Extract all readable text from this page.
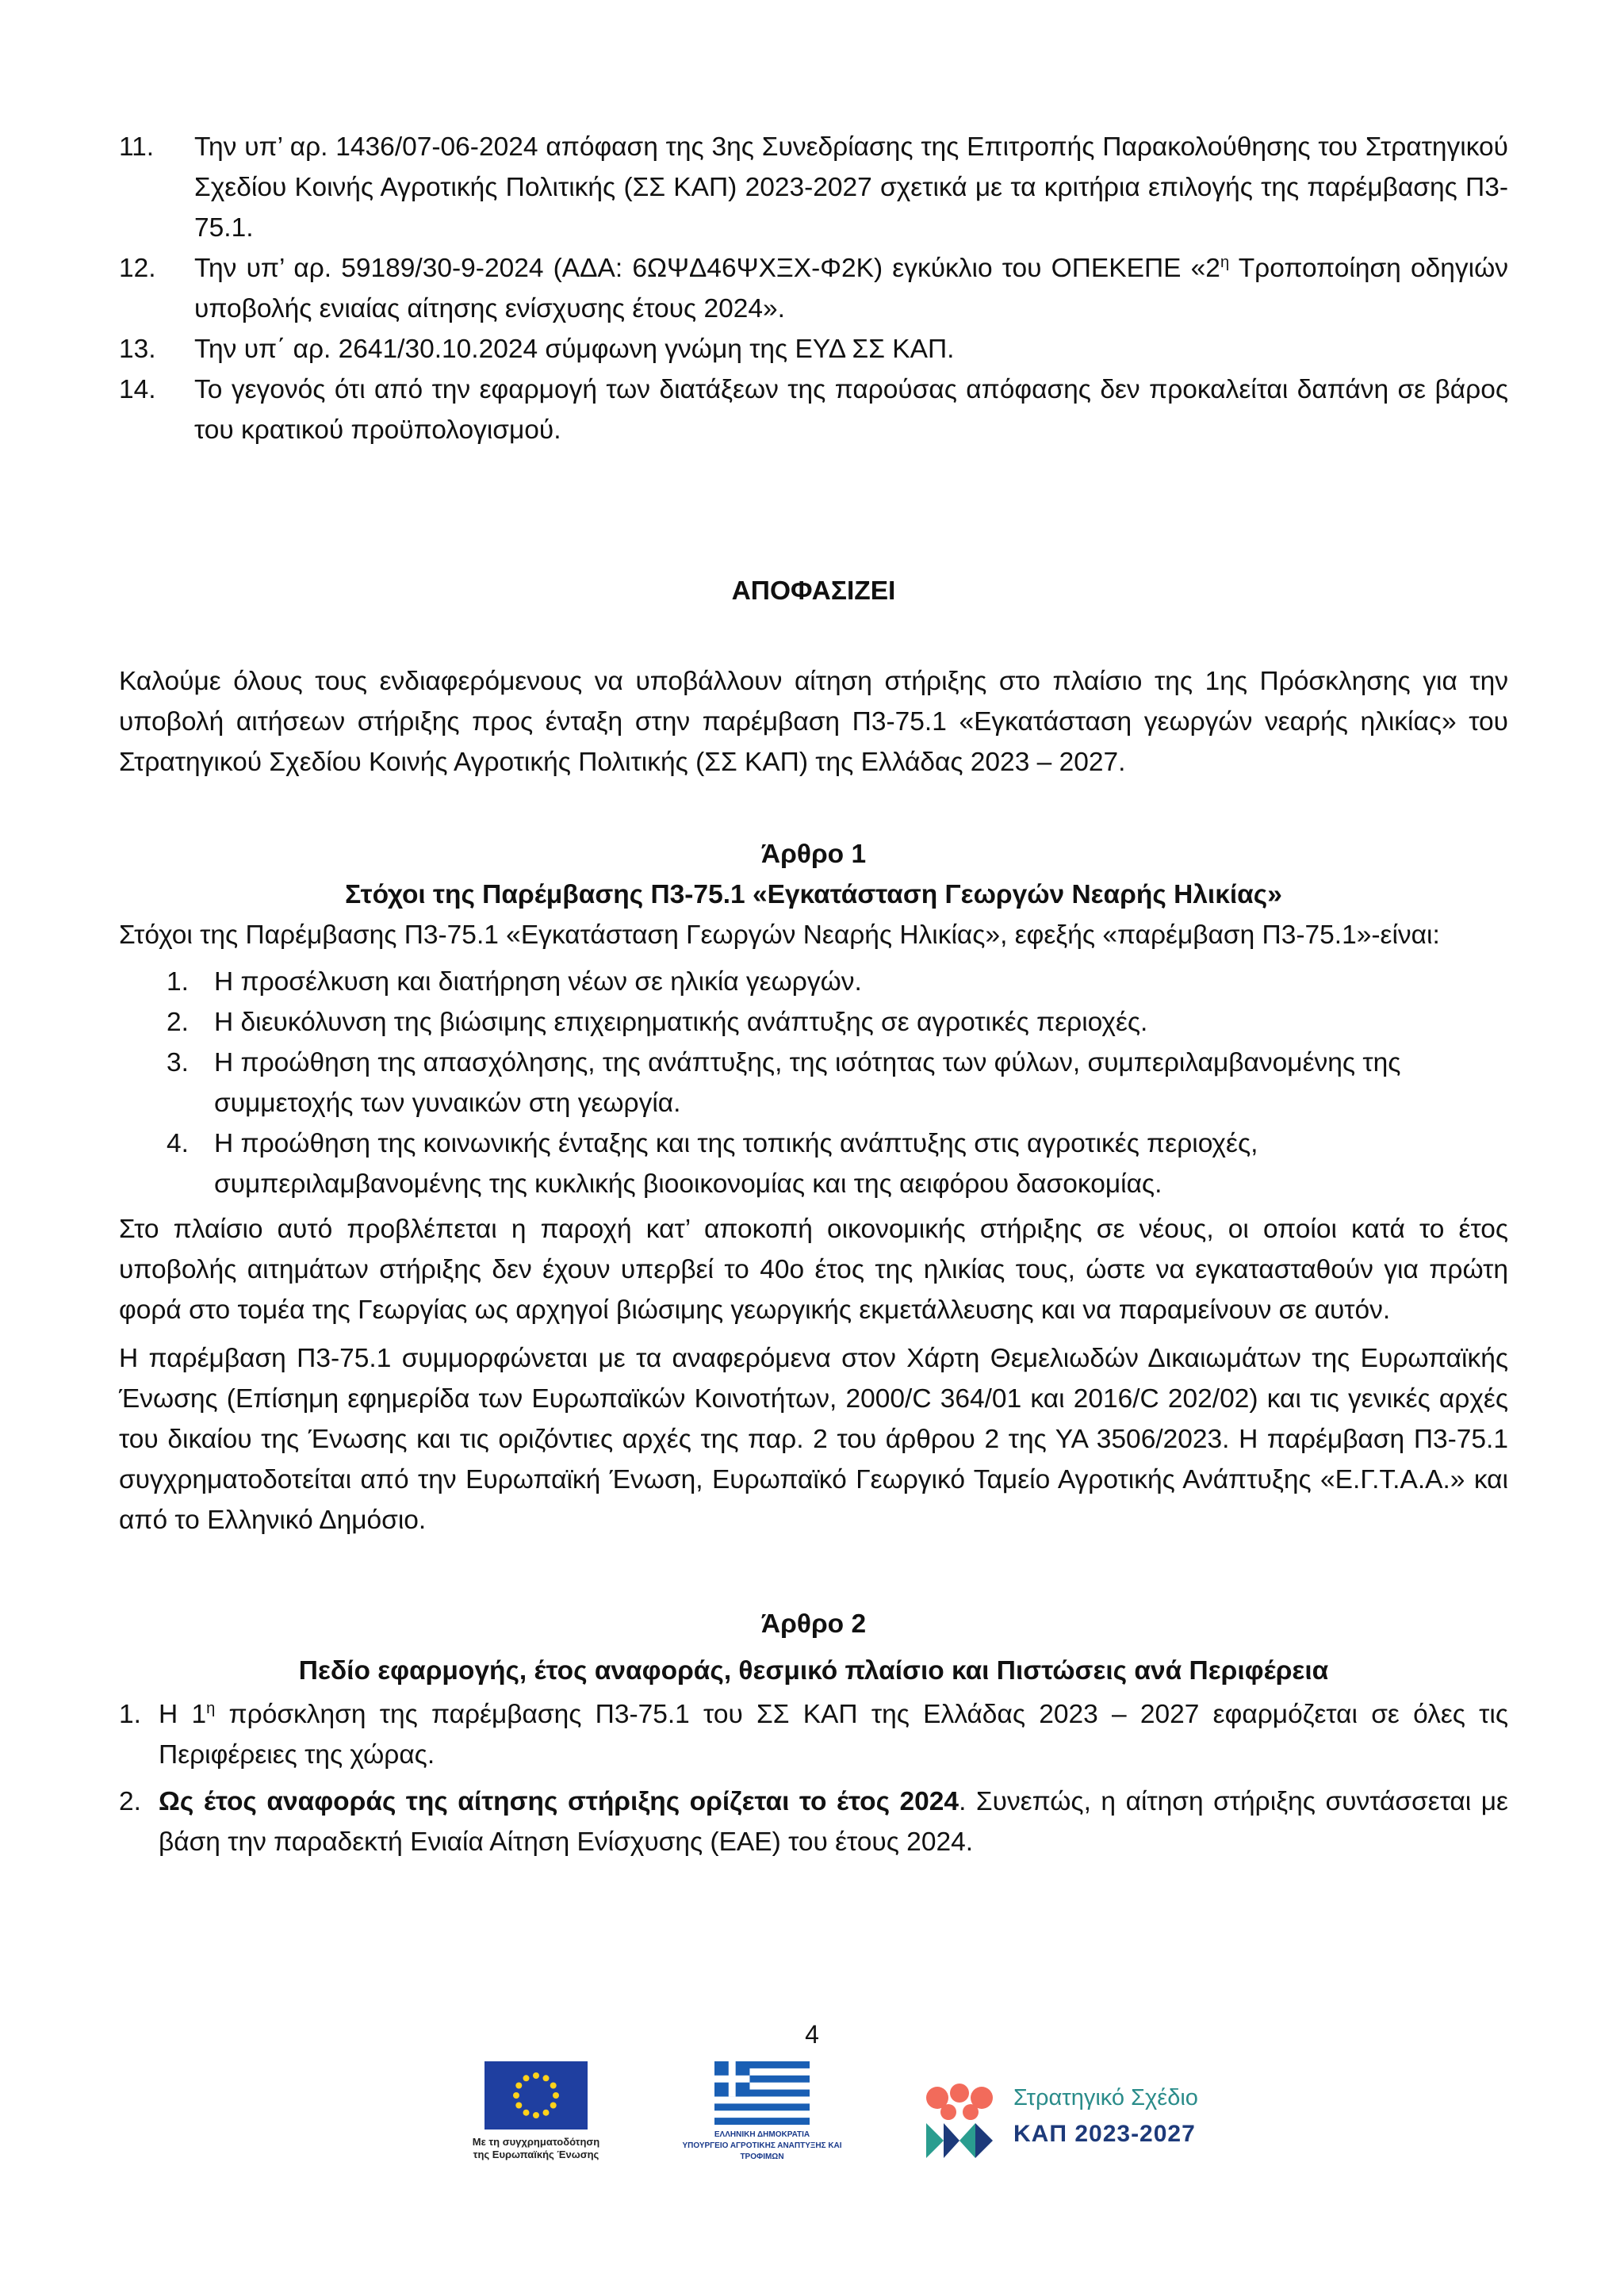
11. Την υπ’ αρ. 1436/07-06-2024 απόφαση της 3ης Συνεδρίασης της Επιτροπής Παρακολούθησης του Στρατηγικού Σχεδίου Κοινής Αγροτικής Πολιτικής (ΣΣ ΚΑΠ) 2023-2027 σχετικά με τα κριτήρια επιλογής της παρέμβασης Π3-75.1.
12. Την υπ’ αρ. 59189/30-9-2024 (ΑΔΑ: 6ΩΨΔ46ΨΧΞΧ-Φ2Κ) εγκύκλιο του ΟΠΕΚΕΠΕ «$2^\eta$ Τροποποίηση οδηγιών υποβολής ενιαίας αίτησης ενίσχυσης έτους 2024».
13. Την υπ΄ αρ. 2641/30.10.2024 σύμφωνη γνώμη της ΕΥΔ ΣΣ ΚΑΠ.
14. Το γεγονός ότι από την εφαρμογή των διατάξεων της παρούσας απόφασης δεν προκαλείται δαπάνη σε βάρος του κρατικού προϋπολογισμού.

ΑΠΟΦΑΣΙΖΕΙ

Καλούμε όλους τους ενδιαφερόμενους να υποβάλλουν αίτηση στήριξης στο πλαίσιο της 1ης Πρόσκλησης για την υποβολή αιτήσεων στήριξης προς ένταξη στην παρέμβαση Π3-75.1 «Εγκατάσταση γεωργών νεαρής ηλικίας» του Στρατηγικού Σχεδίου Κοινής Αγροτικής Πολιτικής (ΣΣ ΚΑΠ) της Ελλάδας 2023 – 2027.

Άρθρο 1

Στόχοι της Παρέμβασης Π3-75.1 «Εγκατάσταση Γεωργών Νεαρής Ηλικίας»

Στόχοι της Παρέμβασης Π3-75.1 «Εγκατάσταση Γεωργών Νεαρής Ηλικίας», εφεξής «παρέμβαση Π3-75.1»-είναι:

1. Η προσέλκυση και διατήρηση νέων σε ηλικία γεωργών.
2. Η διευκόλυνση της βιώσιμης επιχειρηματικής ανάπτυξης σε αγροτικές περιοχές.
3. Η προώθηση της απασχόλησης, της ανάπτυξης, της ισότητας των φύλων, συμπεριλαμβανομένης της συμμετοχής των γυναικών στη γεωργία.
4. Η προώθηση της κοινωνικής ένταξης και της τοπικής ανάπτυξης στις αγροτικές περιοχές, συμπεριλαμβανομένης της κυκλικής βιοοικονομίας και της αειφόρου δασοκομίας.

Στο πλαίσιο αυτό προβλέπεται η παροχή κατ’ αποκοπή οικονομικής στήριξης σε νέους, οι οποίοι κατά το έτος υποβολής αιτημάτων στήριξης δεν έχουν υπερβεί το 40ο έτος της ηλικίας τους, ώστε να εγκατασταθούν για πρώτη φορά στο τομέα της Γεωργίας ως αρχηγοί βιώσιμης γεωργικής εκμετάλλευσης και να παραμείνουν σε αυτόν.

Η παρέμβαση Π3-75.1 συμμορφώνεται με τα αναφερόμενα στον Χάρτη Θεμελιωδών Δικαιωμάτων της Ευρωπαϊκής Ένωσης (Επίσημη εφημερίδα των Ευρωπαϊκών Κοινοτήτων, 2000/C 364/01 και 2016/C 202/02) και τις γενικές αρχές του δικαίου της Ένωσης και τις οριζόντιες αρχές της παρ. 2 του άρθρου 2 της ΥΑ 3506/2023. Η παρέμβαση Π3-75.1 συγχρηματοδοτείται από την Ευρωπαϊκή Ένωση, Ευρωπαϊκό Γεωργικό Ταμείο Αγροτικής Ανάπτυξης «Ε.Γ.Τ.Α.Α.» και από το Ελληνικό Δημόσιο.

Άρθρο 2

Πεδίο εφαρμογής, έτος αναφοράς, θεσμικό πλαίσιο και Πιστώσεις ανά Περιφέρεια

1. Η $1^\eta$ πρόσκληση της παρέμβασης Π3-75.1 του ΣΣ ΚΑΠ της Ελλάδας 2023 – 2027 εφαρμόζεται σε όλες τις Περιφέρειες της χώρας.
2. Ως έτος αναφοράς της αίτησης στήριξης ορίζεται το έτος 2024. Συνεπώς, η αίτηση στήριξης συντάσσεται με βάση την παραδεκτή Ενιαία Αίτηση Ενίσχυσης (ΕΑΕ) του έτους 2024.
4
Με τη συγχρηματοδότηση
της Ευρωπαϊκής Ένωσης
ΕΛΛΗΝΙΚΗ ΔΗΜΟΚΡΑΤΙΑ
ΥΠΟΥΡΓΕΙΟ ΑΓΡΟΤΙΚΗΣ ΑΝΑΠΤΥΞΗΣ ΚΑΙ ΤΡΟΦΙΜΩΝ
Στρατηγικό Σχέδιο
ΚΑΠ 2023-2027
